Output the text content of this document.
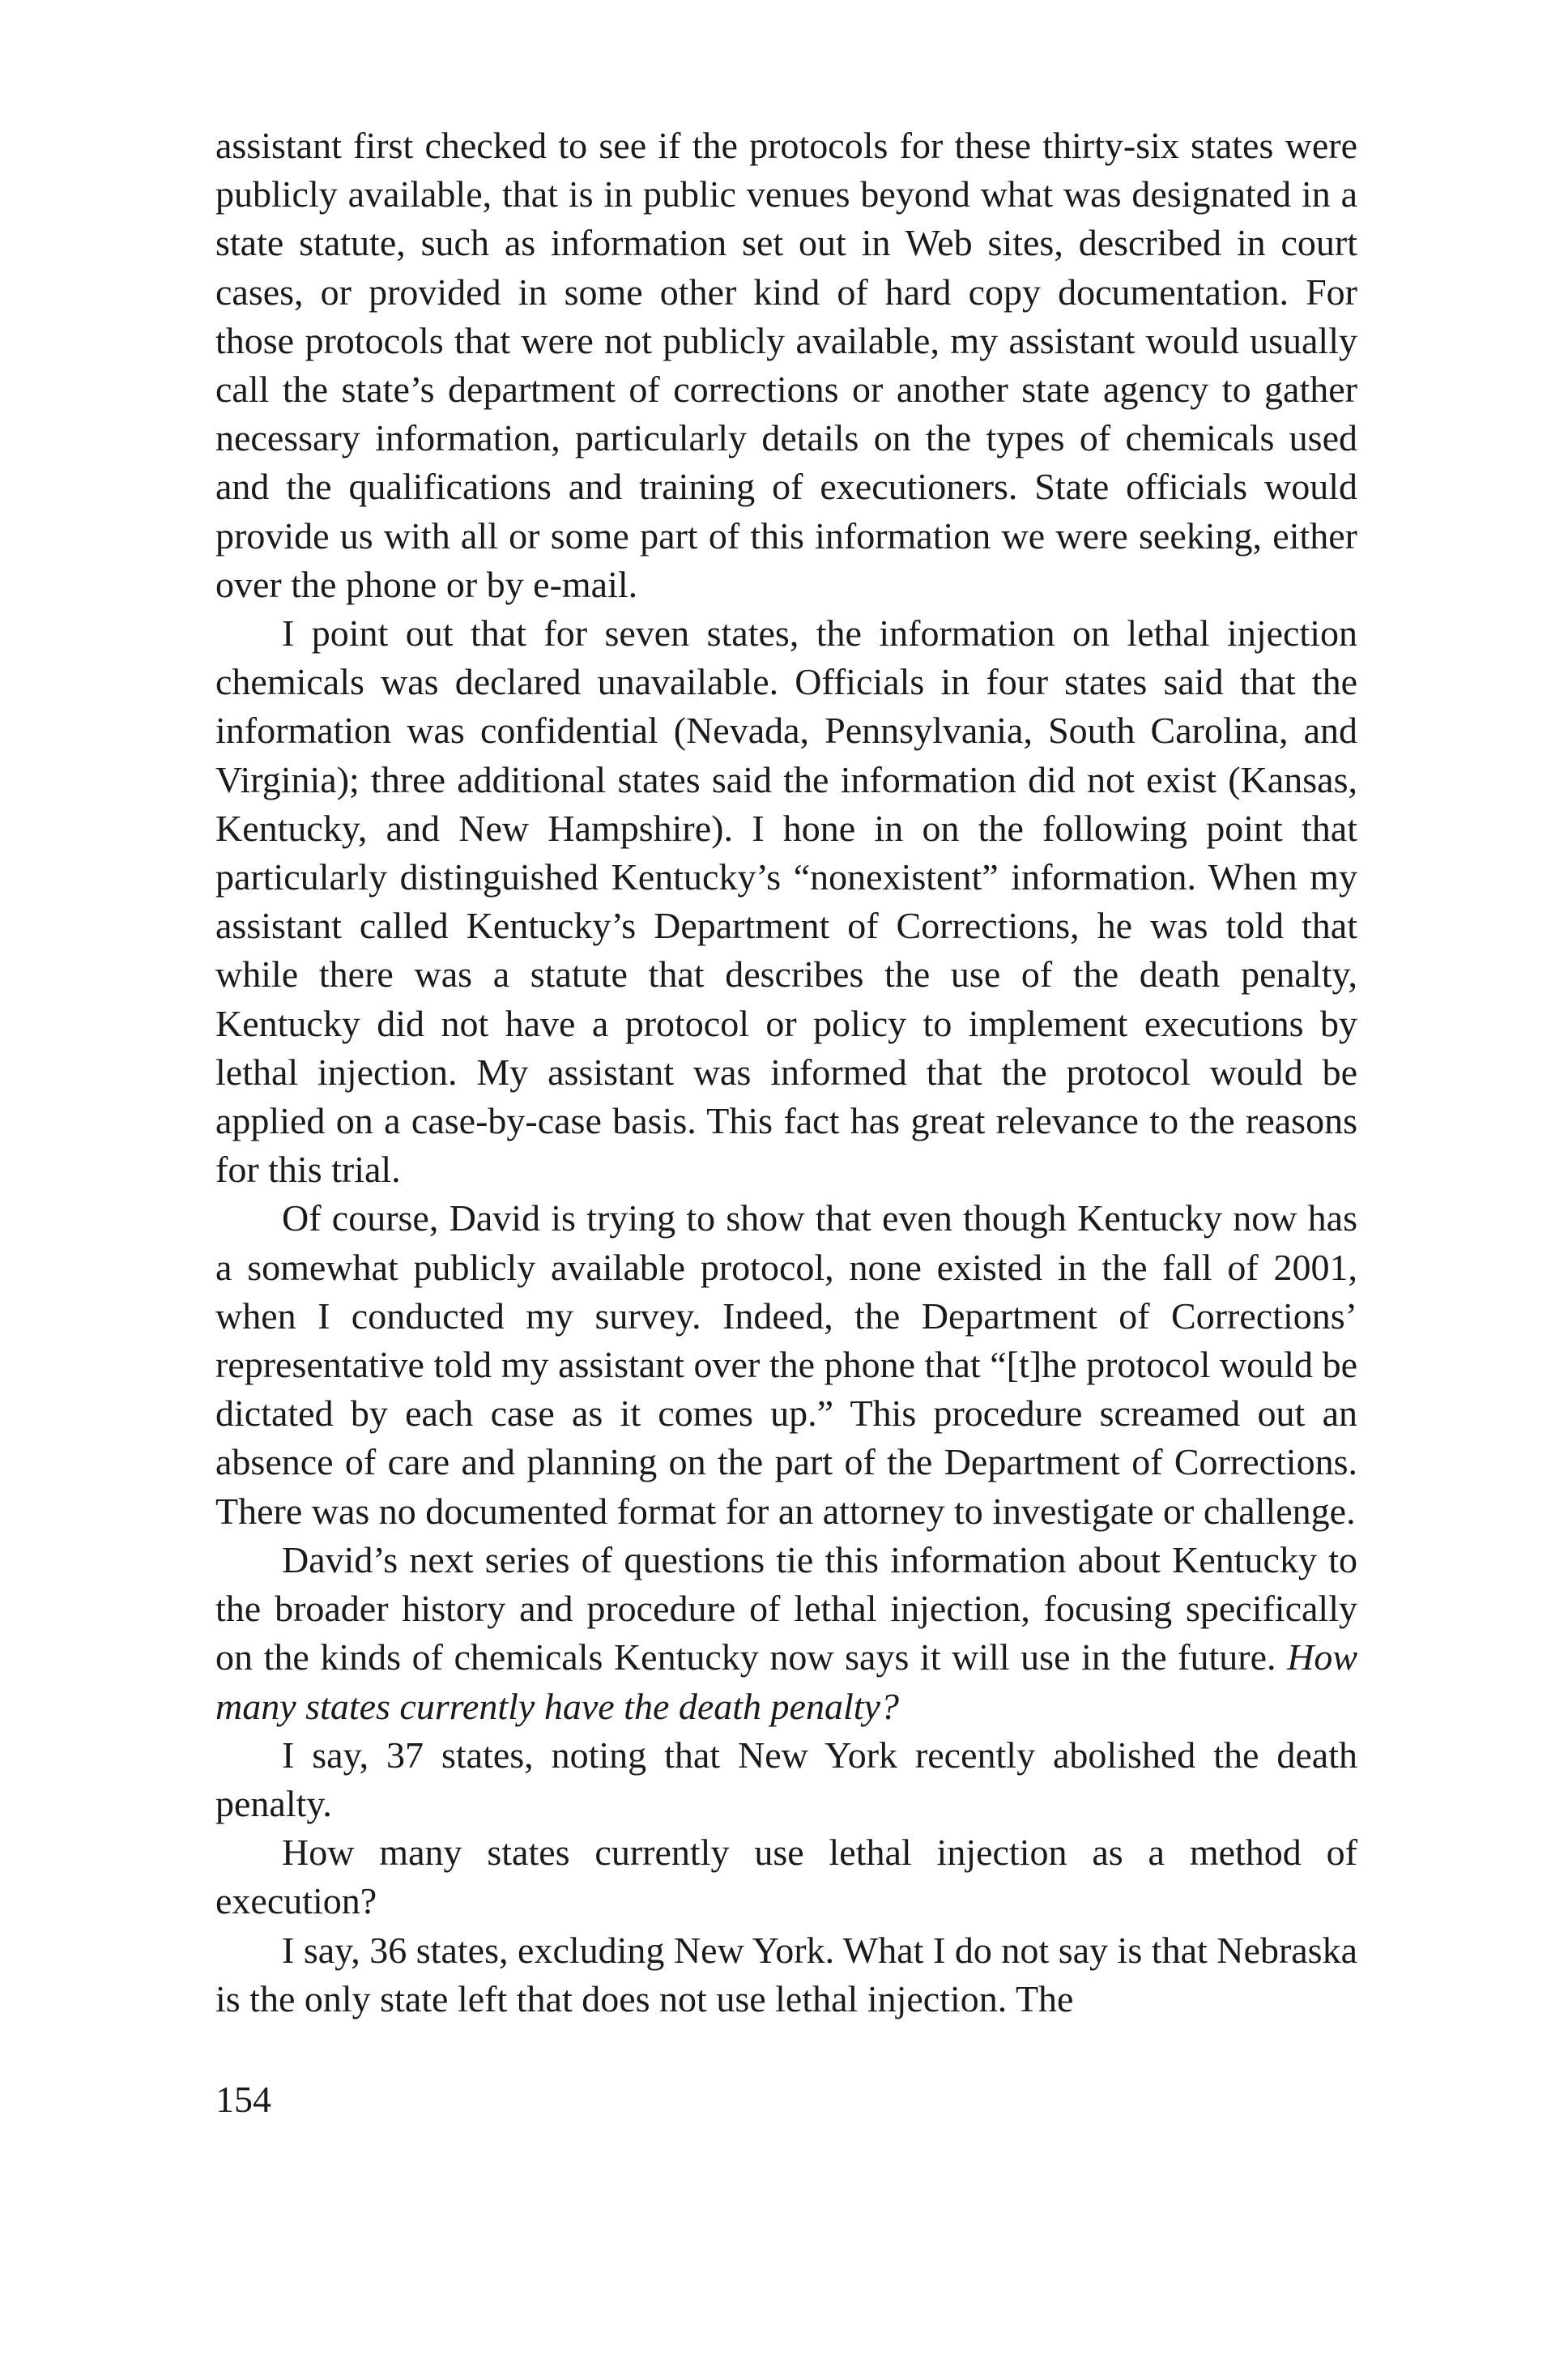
assistant first checked to see if the protocols for these thirty-six states were publicly available, that is in public venues beyond what was designated in a state statute, such as information set out in Web sites, described in court cases, or provided in some other kind of hard copy documentation. For those protocols that were not publicly available, my assistant would usually call the state’s department of corrections or another state agency to gather necessary information, particularly details on the types of chemicals used and the qualifications and training of executioners. State officials would provide us with all or some part of this information we were seeking, either over the phone or by e-mail.

I point out that for seven states, the information on lethal injection chemicals was declared unavailable. Officials in four states said that the information was confidential (Nevada, Pennsylvania, South Carolina, and Virginia); three additional states said the information did not exist (Kansas, Kentucky, and New Hampshire). I hone in on the following point that particularly distinguished Kentucky’s “nonexistent” information. When my assistant called Kentucky’s Department of Corrections, he was told that while there was a statute that describes the use of the death penalty, Kentucky did not have a protocol or policy to implement executions by lethal injection. My assistant was informed that the protocol would be applied on a case-by-case basis. This fact has great relevance to the reasons for this trial.

Of course, David is trying to show that even though Kentucky now has a somewhat publicly available protocol, none existed in the fall of 2001, when I conducted my survey. Indeed, the Department of Corrections’ representative told my assistant over the phone that “[t]he protocol would be dictated by each case as it comes up.” This procedure screamed out an absence of care and planning on the part of the Department of Corrections. There was no documented format for an attorney to investigate or challenge.

David’s next series of questions tie this information about Kentucky to the broader history and procedure of lethal injection, focusing specifically on the kinds of chemicals Kentucky now says it will use in the future. How many states currently have the death penalty?

I say, 37 states, noting that New York recently abolished the death penalty.

How many states currently use lethal injection as a method of execution?

I say, 36 states, excluding New York. What I do not say is that Nebraska is the only state left that does not use lethal injection. The

154
